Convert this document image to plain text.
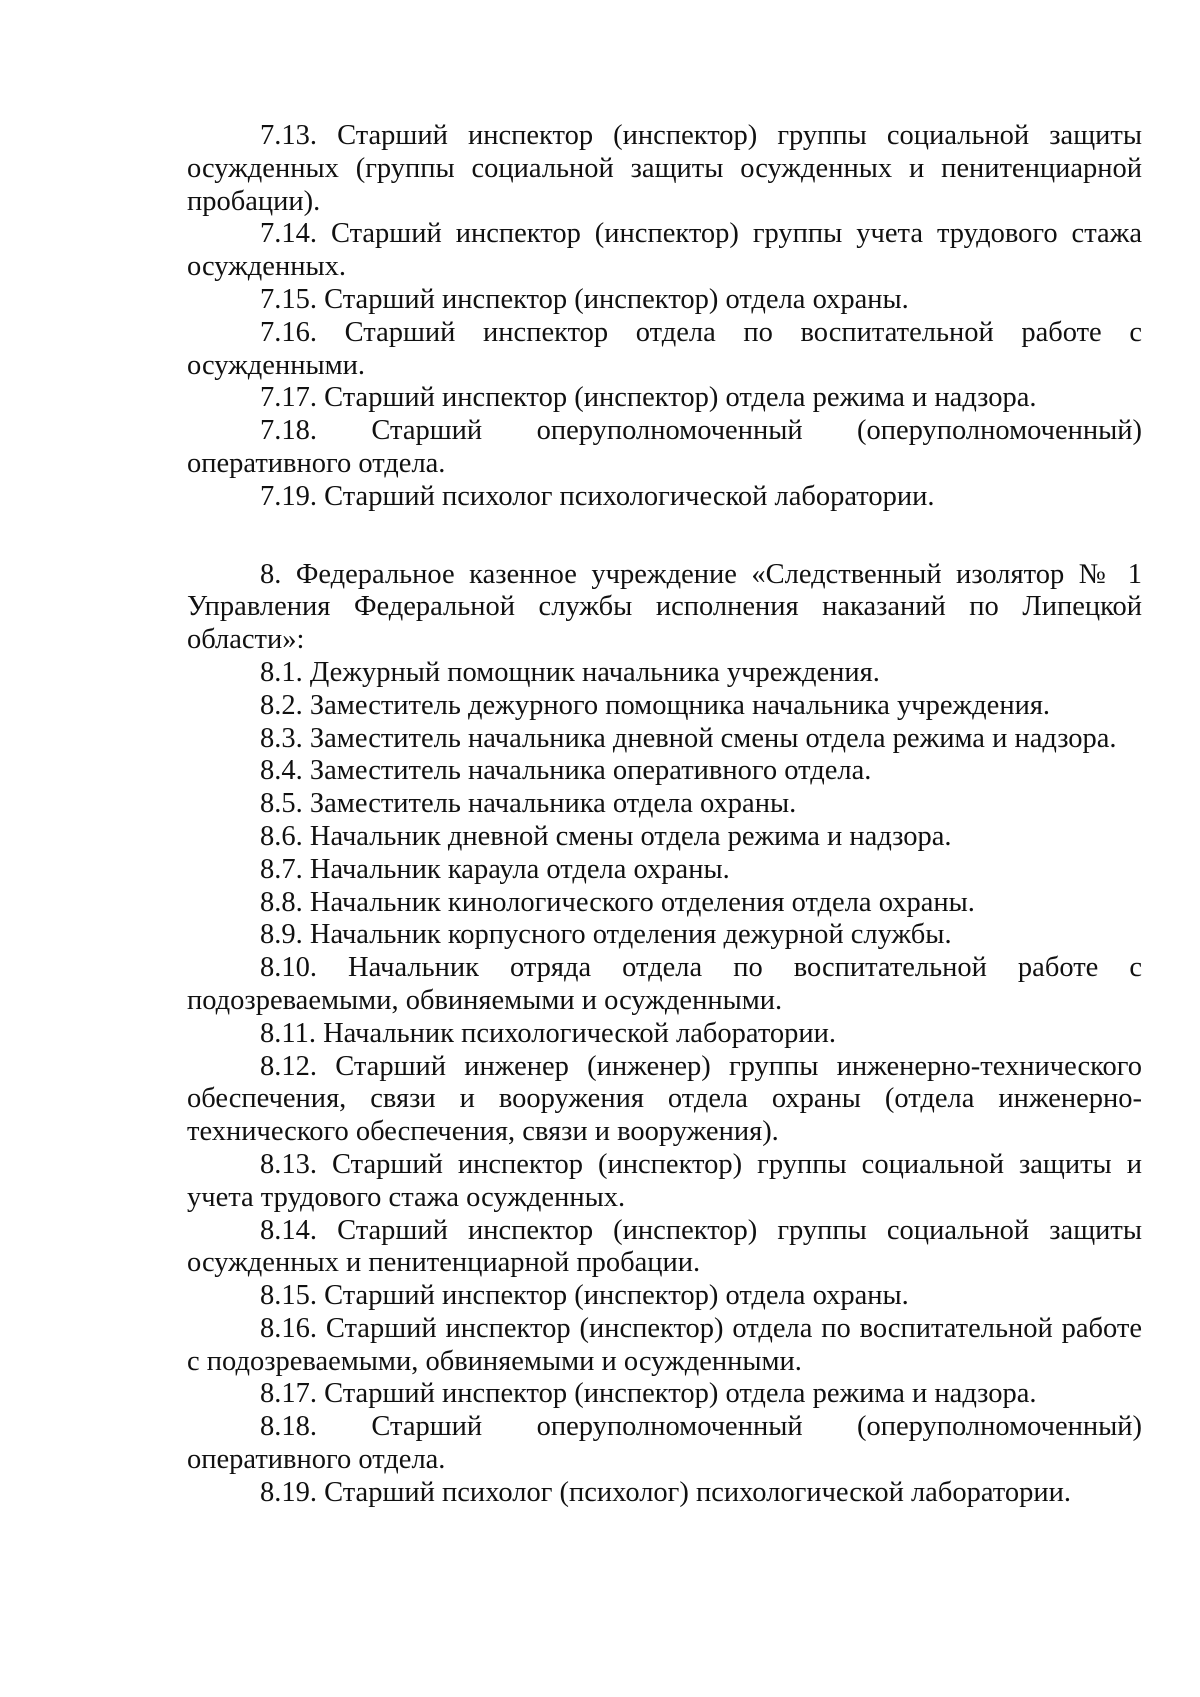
7.13. Старший инспектор (инспектор) группы социальной защиты осужденных (группы социальной защиты осужденных и пенитенциарной пробации).

7.14. Старший инспектор (инспектор) группы учета трудового стажа осужденных.

7.15. Старший инспектор (инспектор) отдела охраны.

7.16. Старший инспектор отдела по воспитательной работе с осужденными.

7.17. Старший инспектор (инспектор) отдела режима и надзора.

7.18. Старший оперуполномоченный (оперуполномоченный) оперативного отдела.

7.19. Старший психолог психологической лаборатории.

8. Федеральное казенное учреждение «Следственный изолятор № 1 Управления Федеральной службы исполнения наказаний по Липецкой области»:

8.1. Дежурный помощник начальника учреждения.

8.2. Заместитель дежурного помощника начальника учреждения.

8.3. Заместитель начальника дневной смены отдела режима и надзора.

8.4. Заместитель начальника оперативного отдела.

8.5. Заместитель начальника отдела охраны.

8.6. Начальник дневной смены отдела режима и надзора.

8.7. Начальник караула отдела охраны.

8.8. Начальник кинологического отделения отдела охраны.

8.9. Начальник корпусного отделения дежурной службы.

8.10. Начальник отряда отдела по воспитательной работе с подозреваемыми, обвиняемыми и осужденными.

8.11. Начальник психологической лаборатории.

8.12. Старший инженер (инженер) группы инженерно-технического обеспечения, связи и вооружения отдела охраны (отдела инженерно-технического обеспечения, связи и вооружения).

8.13. Старший инспектор (инспектор) группы социальной защиты и учета трудового стажа осужденных.

8.14. Старший инспектор (инспектор) группы социальной защиты осужденных и пенитенциарной пробации.

8.15. Старший инспектор (инспектор) отдела охраны.

8.16. Старший инспектор (инспектор) отдела по воспитательной работе с подозреваемыми, обвиняемыми и осужденными.

8.17. Старший инспектор (инспектор) отдела режима и надзора.

8.18. Старший оперуполномоченный (оперуполномоченный) оперативного отдела.

8.19. Старший психолог (психолог) психологической лаборатории.
